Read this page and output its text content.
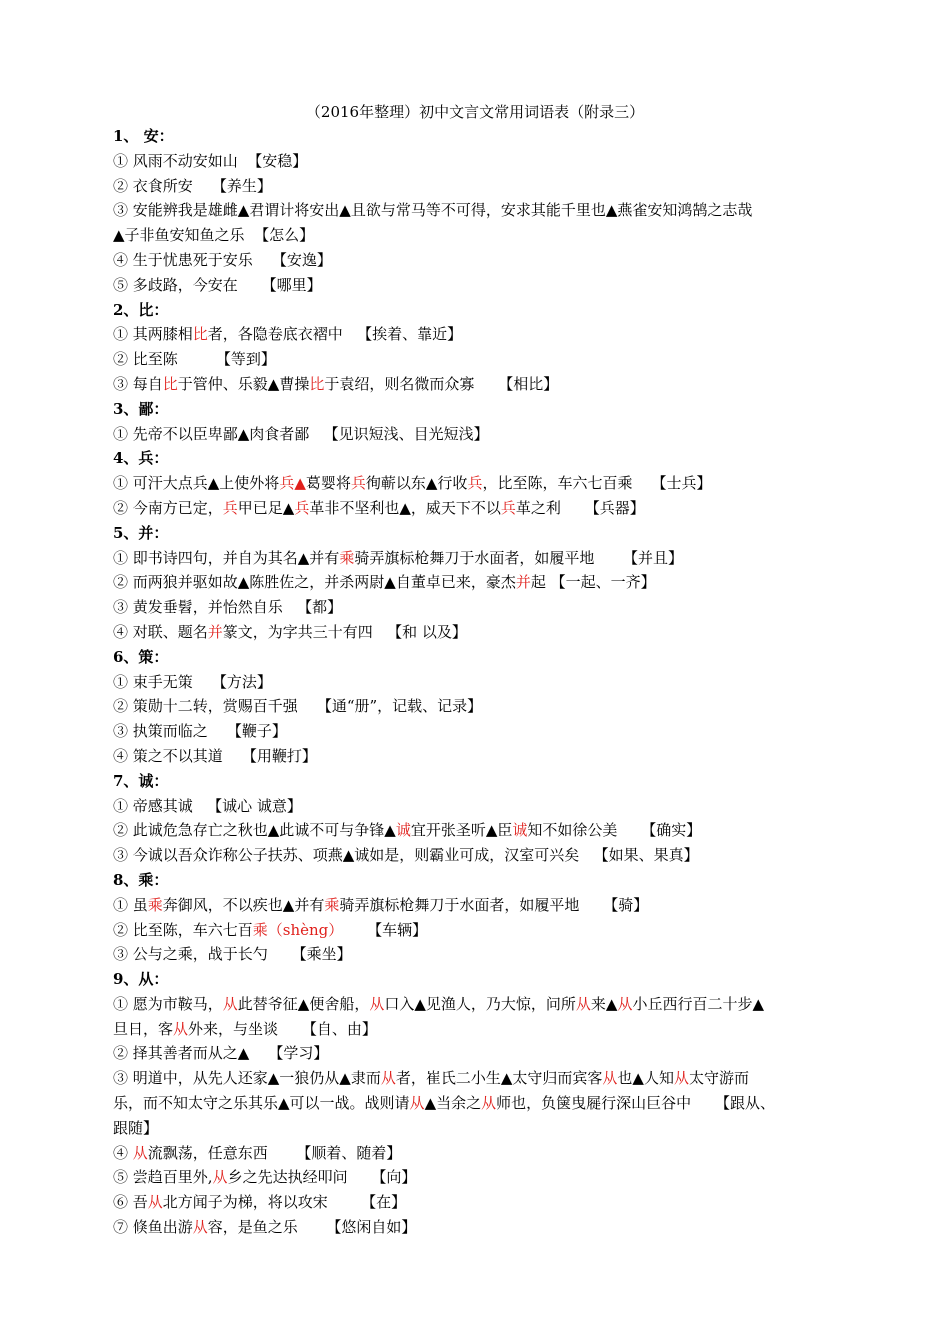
（2016年整理）初中文言文常用词语表（附录三）
1、 安：
① 风雨不动安如山  【安稳】
② 衣食所安    【养生】
③ 安能辨我是雄雌▲君谓计将安出▲且欲与常马等不可得，安求其能千里也▲燕雀安知鸿鹄之志哉
▲子非鱼安知鱼之乐  【怎么】
④ 生于忧患死于安乐    【安逸】
⑤ 多歧路，今安在     【哪里】
2、比：
① 其两膝相比者，各隐卷底衣褶中   【挨着、靠近】
② 比至陈        【等到】
③ 每自比于管仲、乐毅▲曹操比于袁绍，则名微而众寡     【相比】
3、鄙：
① 先帝不以臣卑鄙▲肉食者鄙   【见识短浅、目光短浅】
4、兵：
① 可汗大点兵▲上使外将兵▲葛婴将兵徇蕲以东▲行收兵，比至陈，车六七百乘    【士兵】
② 今南方已定，兵甲已足▲兵革非不坚利也▲，威天下不以兵革之利     【兵器】
5、并：
① 即书诗四句，并自为其名▲并有乘骑弄旗标枪舞刀于水面者，如履平地      【并且】
② 而两狼并驱如故▲陈胜佐之，并杀两尉▲自董卓已来，豪杰并起 【一起、一齐】
③ 黄发垂髫，并怡然自乐   【都】
④ 对联、题名并篆文，为字共三十有四   【和 以及】
6、策：
① 束手无策    【方法】
② 策勋十二转，赏赐百千强    【通“册”，记载、记录】
③ 执策而临之    【鞭子】
④ 策之不以其道    【用鞭打】
7、诚：
① 帝感其诚   【诚心 诚意】
② 此诚危急存亡之秋也▲此诚不可与争锋▲诚宜开张圣听▲臣诚知不如徐公美     【确实】
③ 今诚以吾众诈称公子扶苏、项燕▲诚如是，则霸业可成，汉室可兴矣   【如果、果真】
8、乘：
① 虽乘奔御风，不以疾也▲并有乘骑弄旗标枪舞刀于水面者，如履平地     【骑】
② 比至陈，车六七百乘（shèng）     【车辆】
③ 公与之乘，战于长勺     【乘坐】
9、从：
① 愿为市鞍马，从此替爷征▲便舍船，从口入▲见渔人，乃大惊，问所从来▲从小丘西行百二十步▲
旦日，客从外来，与坐谈     【自、由】
② 择其善者而从之▲    【学习】
③ 明道中，从先人还家▲一狼仍从▲隶而从者，崔氏二小生▲太守归而宾客从也▲人知从太守游而
乐，而不知太守之乐其乐▲可以一战。战则请从▲当余之从师也，负箧曳屣行深山巨谷中     【跟从、
跟随】
④ 从流飘荡，任意东西      【顺着、随着】
⑤ 尝趋百里外,从乡之先达执经叩问     【向】
⑥ 吾从北方闻子为梯，将以攻宋       【在】
⑦ 倏鱼出游从容，是鱼之乐      【悠闲自如】
